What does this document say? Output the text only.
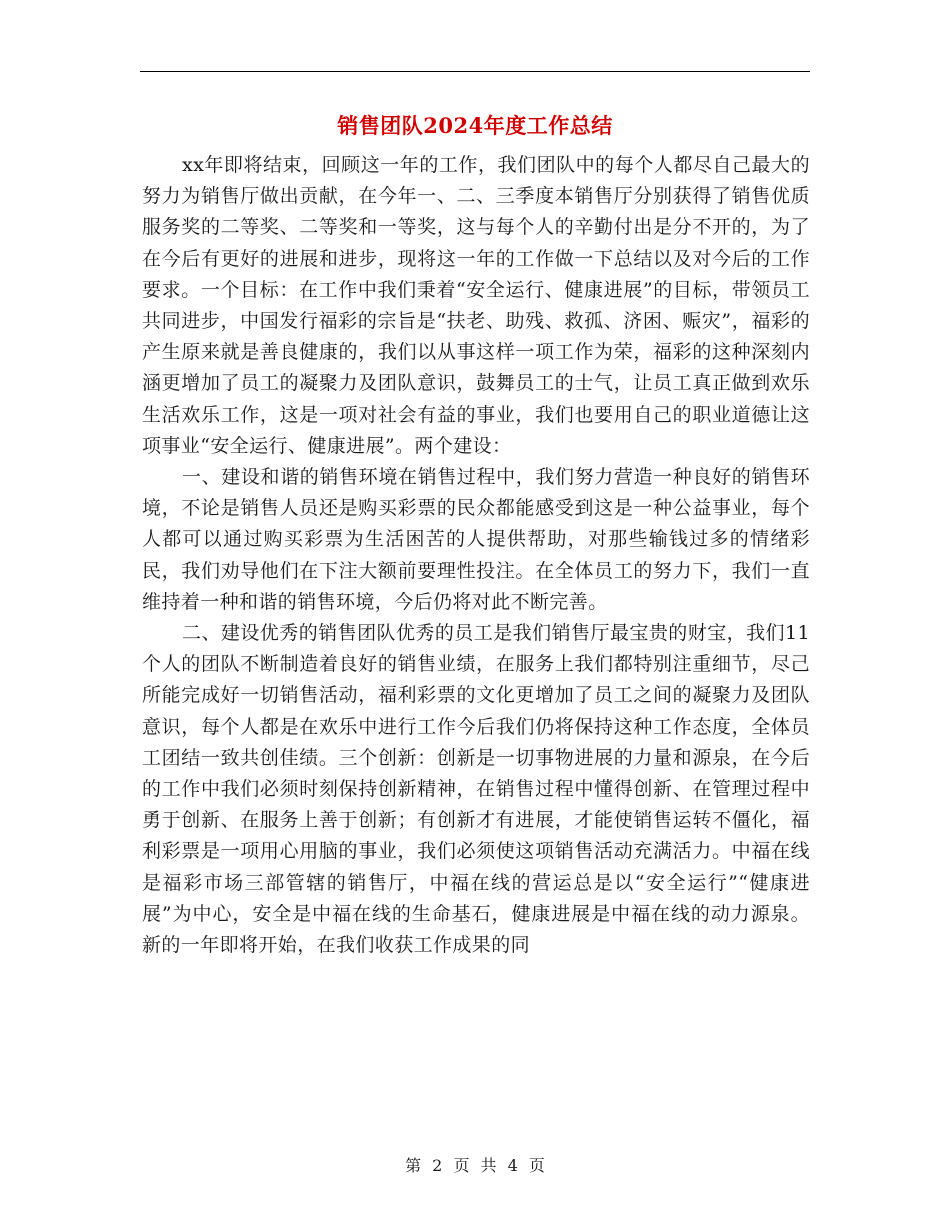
销售团队2024年度工作总结

xx年即将结束，回顾这一年的工作，我们团队中的每个人都尽自己最大的努力为销售厅做出贡献，在今年一、二、三季度本销售厅分别获得了销售优质服务奖的二等奖、二等奖和一等奖，这与每个人的辛勤付出是分不开的，为了在今后有更好的进展和进步，现将这一年的工作做一下总结以及对今后的工作要求。一个目标：在工作中我们秉着“安全运行、健康进展”的目标，带领员工共同进步，中国发行福彩的宗旨是“扶老、助残、救孤、济困、赈灾”，福彩的产生原来就是善良健康的，我们以从事这样一项工作为荣，福彩的这种深刻内涵更增加了员工的凝聚力及团队意识，鼓舞员工的士气，让员工真正做到欢乐生活欢乐工作，这是一项对社会有益的事业，我们也要用自己的职业道德让这项事业“安全运行、健康进展”。两个建设：

一、建设和谐的销售环境在销售过程中，我们努力营造一种良好的销售环境，不论是销售人员还是购买彩票的民众都能感受到这是一种公益事业，每个人都可以通过购买彩票为生活困苦的人提供帮助，对那些输钱过多的情绪彩民，我们劝导他们在下注大额前要理性投注。在全体员工的努力下，我们一直维持着一种和谐的销售环境，今后仍将对此不断完善。

二、建设优秀的销售团队优秀的员工是我们销售厅最宝贵的财宝，我们11个人的团队不断制造着良好的销售业绩，在服务上我们都特别注重细节，尽己所能完成好一切销售活动，福利彩票的文化更增加了员工之间的凝聚力及团队意识，每个人都是在欢乐中进行工作今后我们仍将保持这种工作态度，全体员工团结一致共创佳绩。三个创新：创新是一切事物进展的力量和源泉，在今后的工作中我们必须时刻保持创新精神，在销售过程中懂得创新、在管理过程中勇于创新、在服务上善于创新；有创新才有进展，才能使销售运转不僵化，福利彩票是一项用心用脑的事业，我们必须使这项销售活动充满活力。中福在线是福彩市场三部管辖的销售厅，中福在线的营运总是以“安全运行”“健康进展”为中心，安全是中福在线的生命基石，健康进展是中福在线的动力源泉。新的一年即将开始，在我们收获工作成果的同

第 2 页 共 4 页
